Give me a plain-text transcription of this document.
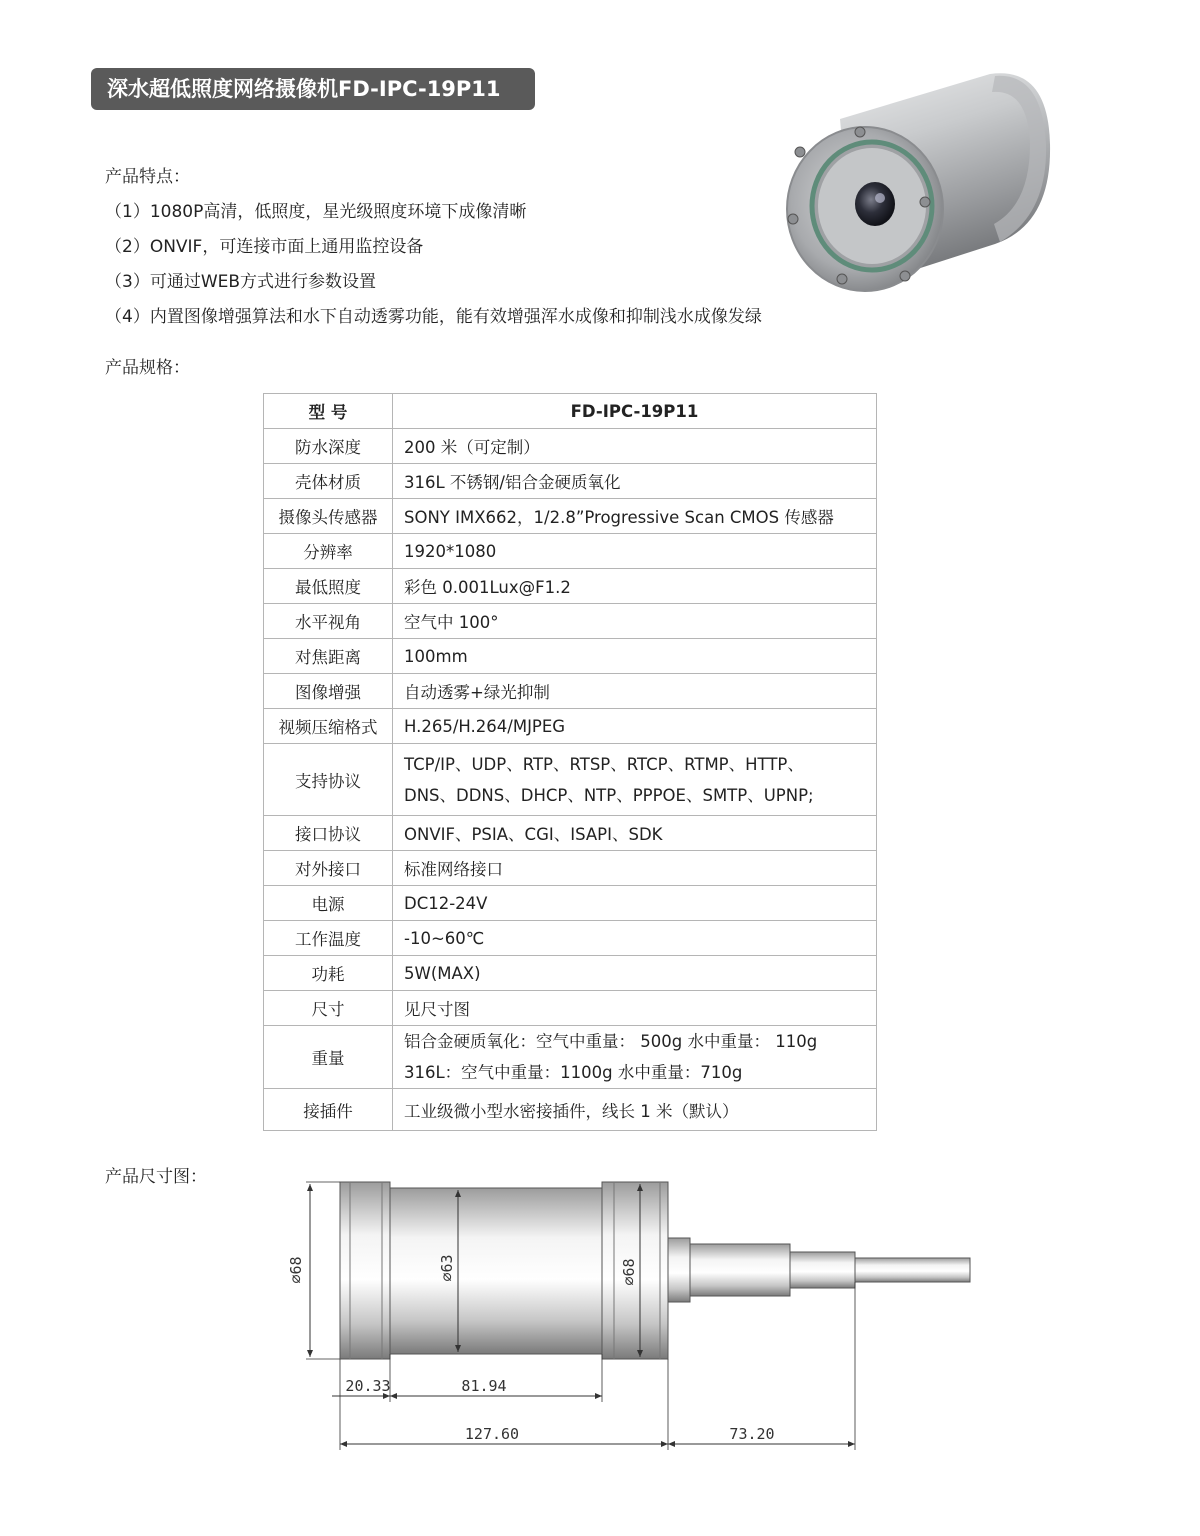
深水超低照度网络摄像机FD-IPC-19P11
产品特点：
（1）1080P高清，低照度，星光级照度环境下成像清晰
（2）ONVIF，可连接市面上通用监控设备
（3）可通过WEB方式进行参数设置
（4）内置图像增强算法和水下自动透雾功能，能有效增强浑水成像和抑制浅水成像发绿
产品规格：
型 号	FD-IPC-19P11
防水深度	200 米（可定制）
壳体材质	316L 不锈钢/铝合金硬质氧化
摄像头传感器	SONY IMX662，1/2.8”Progressive Scan CMOS 传感器
分辨率	1920*1080
最低照度	彩色 0.001Lux@F1.2
水平视角	空气中 100°
对焦距离	100mm
图像增强	自动透雾+绿光抑制
视频压缩格式	H.265/H.264/MJPEG
支持协议	TCP/IP、UDP、RTP、RTSP、RTCP、RTMP、HTTP、
DNS、DDNS、DHCP、NTP、PPPOE、SMTP、UPNP;

接口协议	ONVIF、PSIA、CGI、ISAPI、SDK
对外接口	标准网络接口
电源	DC12-24V
工作温度	-10~60℃
功耗	5W(MAX)
尺寸	见尺寸图
重量	铝合金硬质氧化：空气中重量： 500g 水中重量： 110g
316L：空气中重量：1100g 水中重量：710g

接插件	工业级微小型水密接插件，线长 1 米（默认）
产品尺寸图：
⌀68	⌀63	⌀68
20.33	81.94
127.60	73.20
